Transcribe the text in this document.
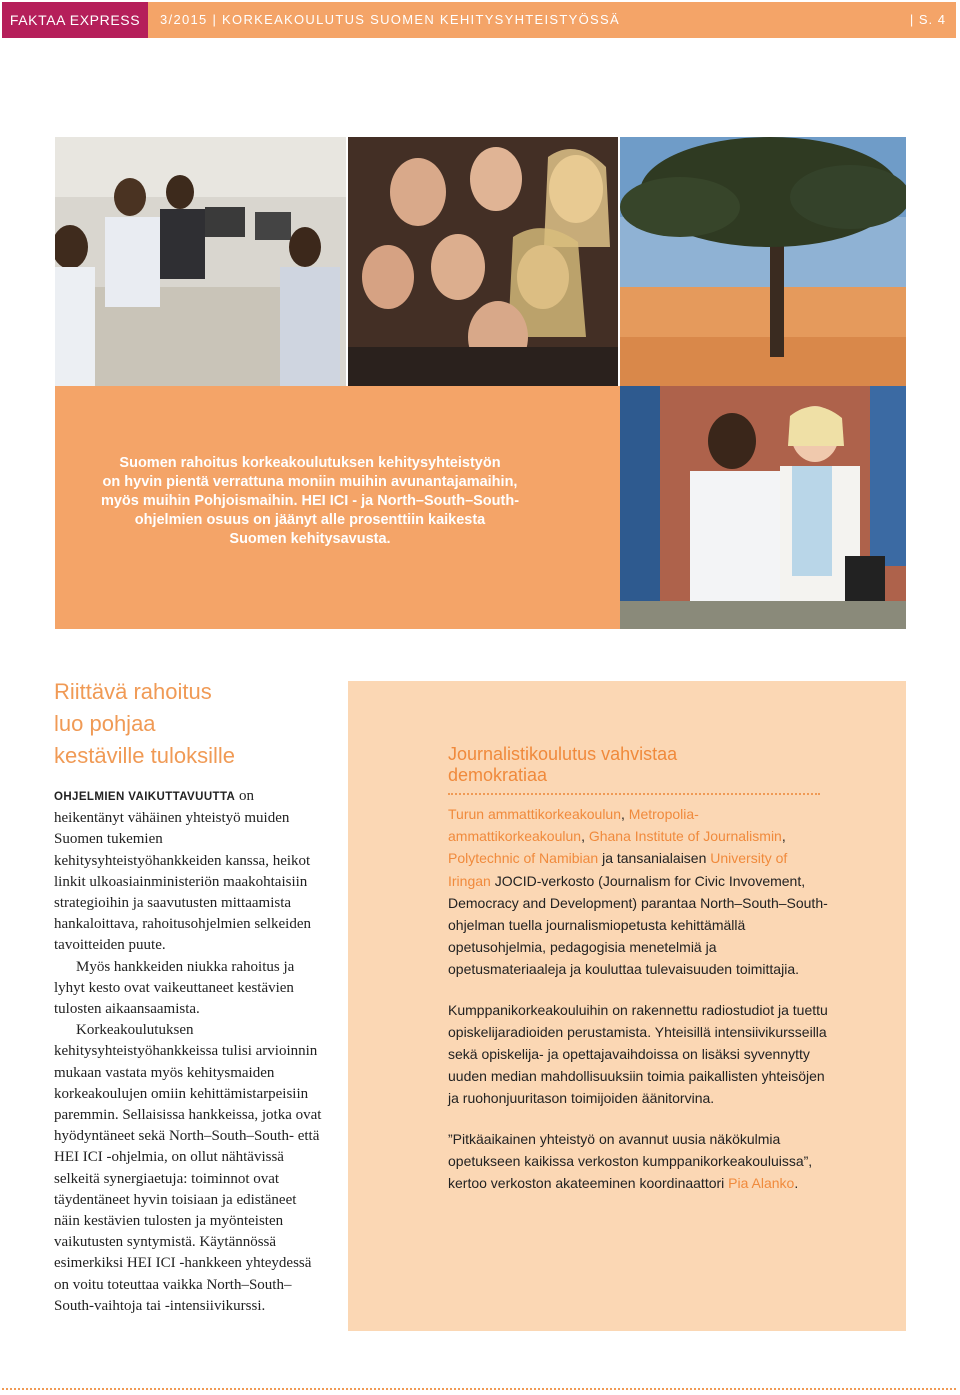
FAKTAA EXPRESS	3/2015 | KORKEAKOULUTUS SUOMEN KEHITYSYHTEISTYÖSSÄ	| S. 4
Suomen rahoitus korkeakoulutuksen kehitysyhteistyön
on hyvin pientä verrattuna moniin muihin avunantajamaihin,
myös muihin Pohjoismaihin. HEI ICI - ja North–South–South-
ohjelmien osuus on jäänyt alle prosenttiin kaikesta
Suomen kehitysavusta.
Riittävä rahoitus
luo pohjaa
kestäville tuloksille

OHJELMIEN VAIKUTTAVUUTTA on heikentänyt vähäinen yhteistyö muiden Suomen tukemien kehitysyhteistyöhankkeiden kanssa, heikot linkit ulkoasiainministeriön maakohtaisiin strategioihin ja saavutusten mittaamista hankaloittava, rahoitusohjelmien selkeiden tavoitteiden puute.

Myös hankkeiden niukka rahoitus ja lyhyt kesto ovat vaikeuttaneet kestävien tulosten aikaansaamista.

Korkeakoulutuksen kehitysyhteistyöhankkeissa tulisi arvioinnin mukaan vastata myös kehitysmaiden korkeakoulujen omiin kehittämistarpeisiin paremmin. Sellaisissa hankkeissa, jotka ovat hyödyntäneet sekä North–South–South- että HEI ICI -ohjelmia, on ollut nähtävissä selkeitä synergiaetuja: toiminnot ovat täydentäneet hyvin toisiaan ja edistäneet näin kestävien tulosten ja myönteisten vaikutusten syntymistä. Käytännössä esimerkiksi HEI ICI -hankkeen yhteydessä on voitu toteuttaa vaikka North–South–South-vaihtoja tai -intensiivikurssi.

Journalistikoulutus vahvistaa
demokratiaa

Turun ammattikorkeakoulun, Metropolia-ammattikorkeakoulun, Ghana Institute of Journalismin, Polytechnic of Namibian ja tansanialaisen University of Iringan JOCID-verkosto (Journalism for Civic Invovement, Democracy and Development) parantaa North–South–South-ohjelman tuella journalismiopetusta kehittämällä opetusohjelmia, pedagogisia menetelmiä ja opetusmateriaaleja ja kouluttaa tulevaisuuden toimittajia.

Kumppanikorkeakouluihin on rakennettu radiostudiot ja tuettu opiskelijaradioiden perustamista. Yhteisillä intensiivikursseilla sekä opiskelija- ja opettajavaihdoissa on lisäksi syvennytty uuden median mahdollisuuksiin toimia paikallisten yhteisöjen ja ruohonjuuritason toimijoiden äänitorvina.

”Pitkäaikainen yhteistyö on avannut uusia näkökulmia opetukseen kaikissa verkoston kumppanikorkeakouluissa”, kertoo verkoston akateeminen koordinaattori Pia Alanko.
